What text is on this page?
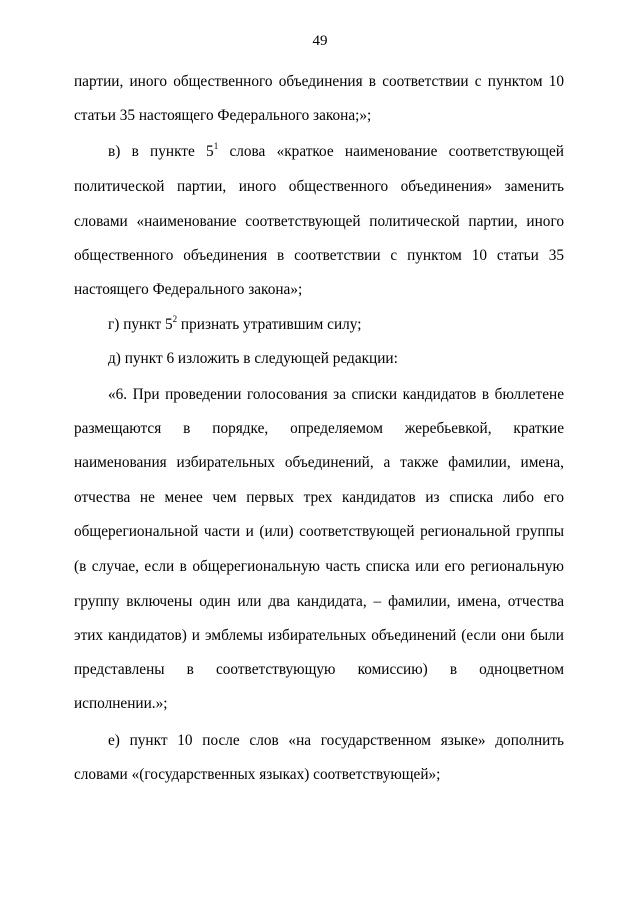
49
партии, иного общественного объединения в соответствии с пунктом 10
статьи 35 настоящего Федерального закона;»;
в) в пункте $5^1$ слова «краткое наименование соответствующей
политической партии, иного общественного объединения» заменить
словами «наименование соответствующей политической партии, иного
общественного объединения в соответствии с пунктом 10 статьи 35
настоящего Федерального закона»;
г) пункт $5^2$ признать утратившим силу;
д) пункт 6 изложить в следующей редакции:
«6. При проведении голосования за списки кандидатов в бюллетене
размещаются в порядке, определяемом жеребьевкой, краткие
наименования избирательных объединений, а также фамилии, имена,
отчества не менее чем первых трех кандидатов из списка либо его
общерегиональной части и (или) соответствующей региональной группы
(в случае, если в общерегиональную часть списка или его региональную
группу включены один или два кандидата, – фамилии, имена, отчества
этих кандидатов) и эмблемы избирательных объединений (если они были
представлены в соответствующую комиссию) в одноцветном
исполнении.»;
е) пункт 10 после слов «на государственном языке» дополнить
словами «(государственных языках) соответствующей»;
